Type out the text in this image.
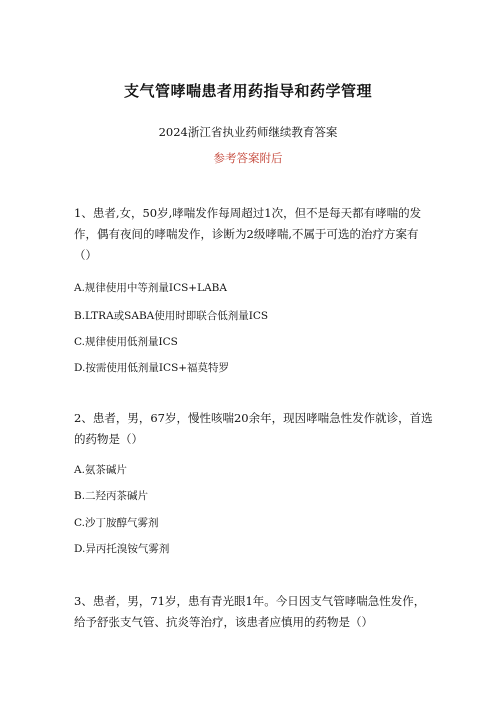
支气管哮喘患者用药指导和药学管理
2024浙江省执业药师继续教育答案
参考答案附后
1、患者,女，50岁,哮喘发作每周超过1次，但不是每天都有哮喘的发作，偶有夜间的哮喘发作，诊断为2级哮喘,不属于可选的治疗方案有（）
A.规律使用中等剂量ICS+LABA
B.LTRA或SABA使用时即联合低剂量ICS
C.规律使用低剂量ICS
D.按需使用低剂量ICS+福莫特罗
2、患者，男，67岁，慢性咳喘20余年，现因哮喘急性发作就诊，首选的药物是（）
A.氨茶碱片
B.二羟丙茶碱片
C.沙丁胺醇气雾剂
D.异丙托溴铵气雾剂
3、患者，男，71岁，患有青光眼1年。今日因支气管哮喘急性发作，给予舒张支气管、抗炎等治疗，该患者应慎用的药物是（）
